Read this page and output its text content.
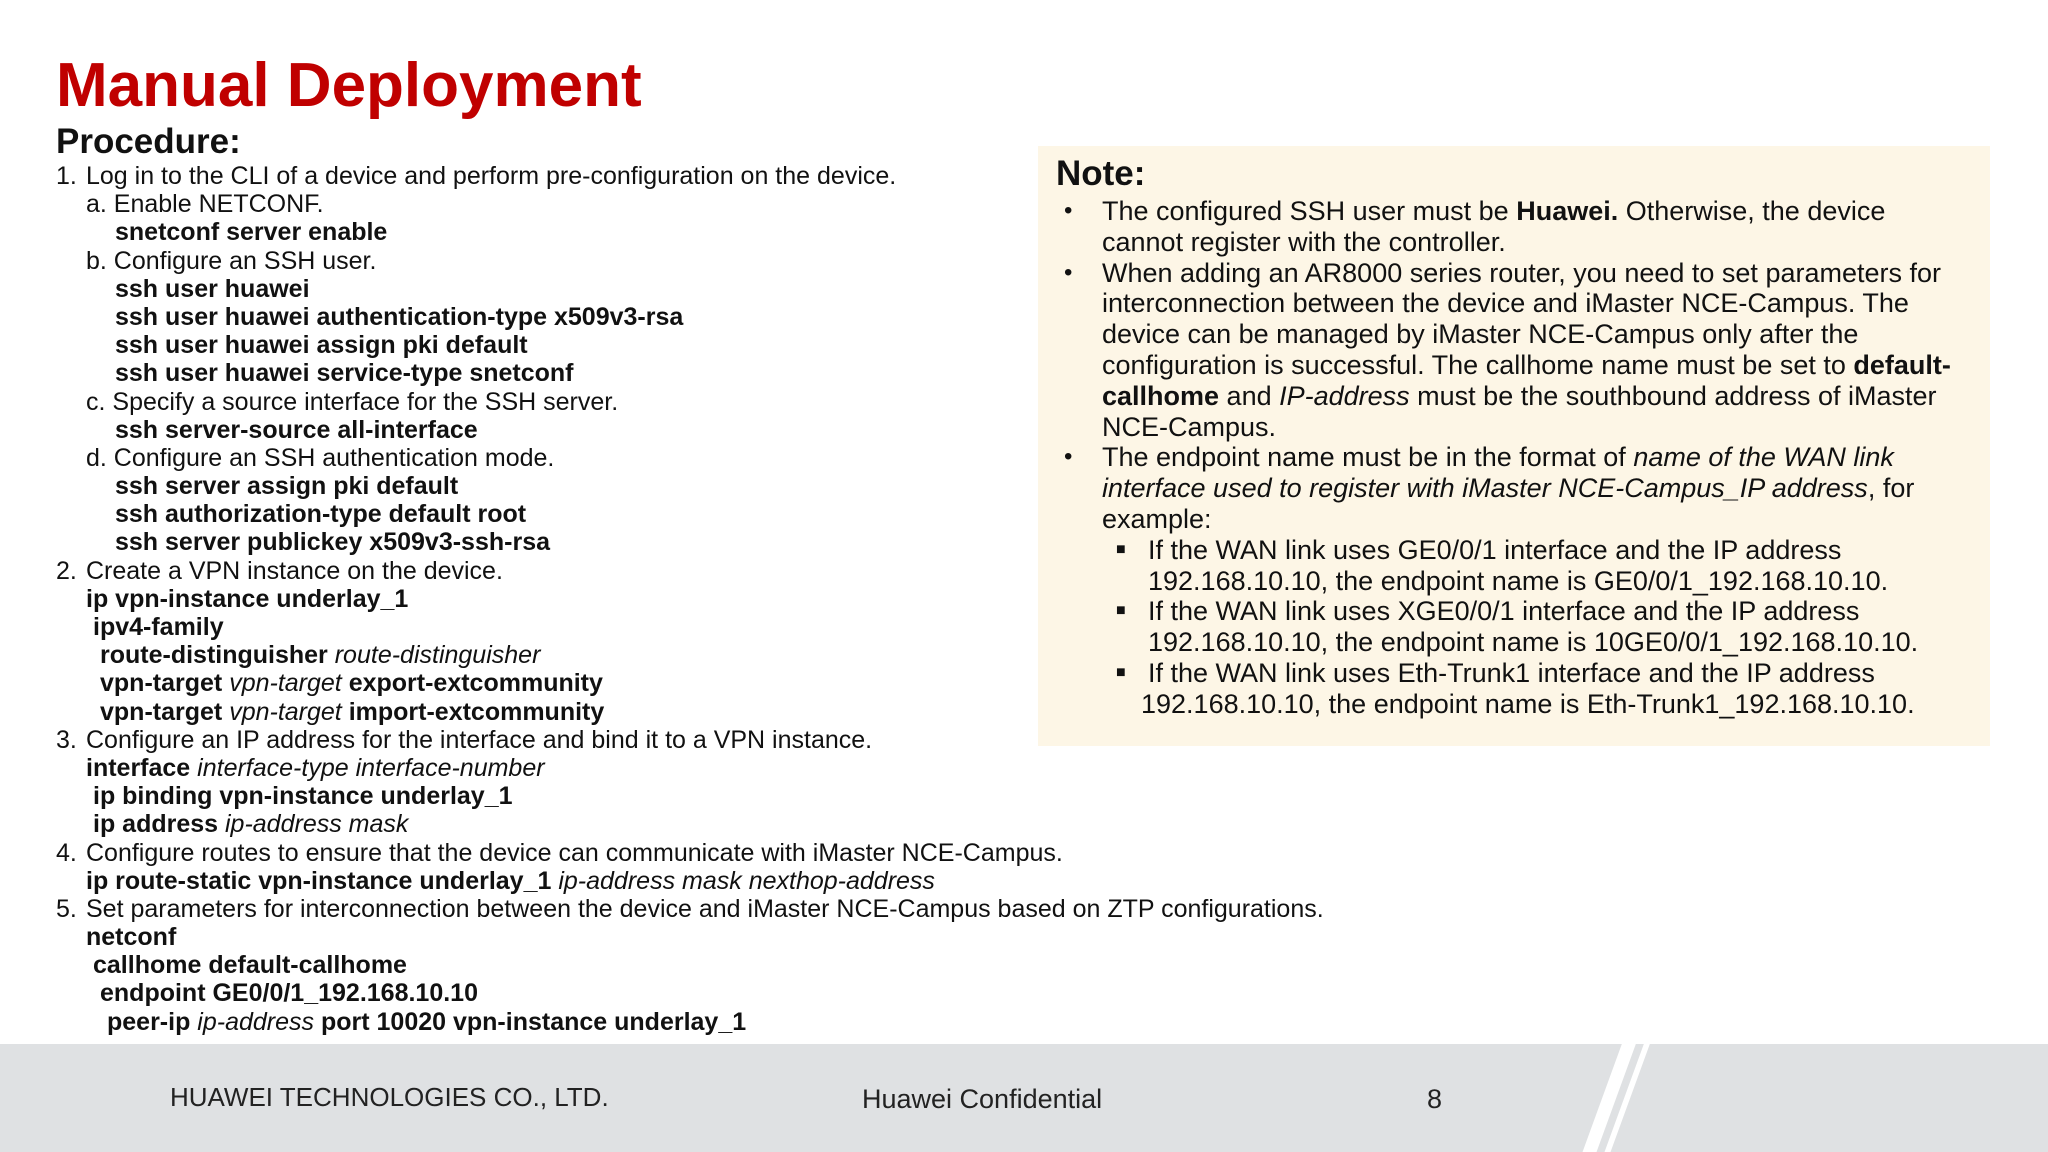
Manual Deployment
Procedure:
1. Log in to the CLI of a device and perform pre-configuration on the device.
a. Enable NETCONF.
snetconf server enable
b. Configure an SSH user.
ssh user huawei
ssh user huawei authentication-type x509v3-rsa
ssh user huawei assign pki default
ssh user huawei service-type snetconf
c. Specify a source interface for the SSH server.
ssh server-source all-interface
d. Configure an SSH authentication mode.
ssh server assign pki default
ssh authorization-type default root
ssh server publickey x509v3-ssh-rsa
2. Create a VPN instance on the device.
ip vpn-instance underlay_1
ipv4-family
route-distinguisher route-distinguisher
vpn-target vpn-target export-extcommunity
vpn-target vpn-target import-extcommunity
3. Configure an IP address for the interface and bind it to a VPN instance.
interface interface-type interface-number
ip binding vpn-instance underlay_1
ip address ip-address mask
4. Configure routes to ensure that the device can communicate with iMaster NCE-Campus.
ip route-static vpn-instance underlay_1 ip-address mask nexthop-address
5. Set parameters for interconnection between the device and iMaster NCE-Campus based on ZTP configurations.
netconf
callhome default-callhome
endpoint GE0/0/1_192.168.10.10
peer-ip ip-address port 10020 vpn-instance underlay_1
Note:
• The configured SSH user must be Huawei. Otherwise, the device
cannot register with the controller.
• When adding an AR8000 series router, you need to set parameters for
interconnection between the device and iMaster NCE-Campus. The
device can be managed by iMaster NCE-Campus only after the
configuration is successful. The callhome name must be set to default-
callhome and IP-address must be the southbound address of iMaster
NCE-Campus.
• The endpoint name must be in the format of name of the WAN link
interface used to register with iMaster NCE-Campus_IP address, for
example:
■ If the WAN link uses GE0/0/1 interface and the IP address
192.168.10.10, the endpoint name is GE0/0/1_192.168.10.10.
■ If the WAN link uses XGE0/0/1 interface and the IP address
192.168.10.10, the endpoint name is 10GE0/0/1_192.168.10.10.
■ If the WAN link uses Eth-Trunk1 interface and the IP address
192.168.10.10, the endpoint name is Eth-Trunk1_192.168.10.10.
HUAWEI TECHNOLOGIES CO., LTD.	Huawei Confidential	8
